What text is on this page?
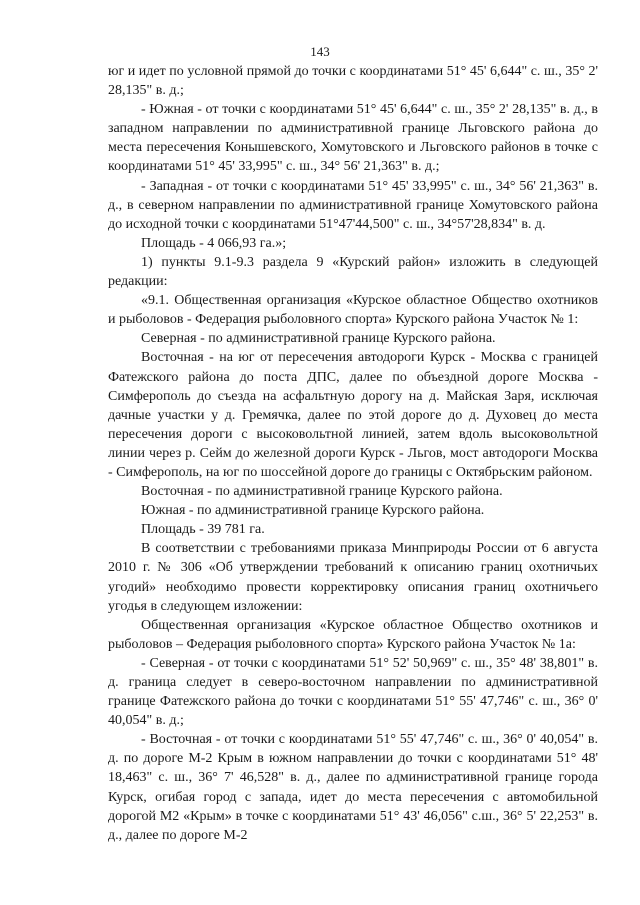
143

юг и идет по условной прямой до точки с координатами 51° 45' 6,644" с. ш., 35° 2' 28,135" в. д.;

- Южная - от точки с координатами 51° 45' 6,644" с. ш., 35° 2' 28,135" в. д., в западном направлении по административной границе Льговского района до места пересечения Конышевского, Хомутовского и Льговского районов в точке с координатами 51° 45' 33,995" с. ш., 34° 56' 21,363" в. д.;

- Западная - от точки с координатами 51° 45' 33,995" с. ш., 34° 56' 21,363" в. д., в северном направлении по административной границе Хомутовского района до исходной точки с координатами 51°47'44,500" с. ш., 34°57'28,834" в. д.

Площадь - 4 066,93 га.»;

1) пункты 9.1-9.3 раздела 9 «Курский район» изложить в следующей редакции:

«9.1. Общественная организация «Курское областное Общество охотников и рыболовов - Федерация рыболовного спорта» Курского района Участок № 1:

Северная - по административной границе Курского района.

Восточная - на юг от пересечения автодороги Курск - Москва с границей Фатежского района до поста ДПС, далее по объездной дороге Москва - Симферополь до съезда на асфальтную дорогу на д. Майская Заря, исключая дачные участки у д. Гремячка, далее по этой дороге до д. Духовец до места пересечения дороги с высоковольтной линией, затем вдоль высоковольтной линии через р. Сейм до железной дороги Курск - Льгов, мост автодороги Москва - Симферополь, на юг по шоссейной дороге до границы с Октябрьским районом.

Восточная - по административной границе Курского района.

Южная - по административной границе Курского района.

Площадь - 39 781 га.

В соответствии с требованиями приказа Минприроды России от 6 августа 2010 г. № 306 «Об утверждении требований к описанию границ охотничьих угодий» необходимо провести корректировку описания границ охотничьего угодья в следующем изложении:

Общественная организация «Курское областное Общество охотников и рыболовов – Федерация рыболовного спорта» Курского района Участок № 1а:

- Северная - от точки с координатами 51° 52' 50,969" с. ш., 35° 48' 38,801" в. д. граница следует в северо-восточном направлении по административной границе Фатежского района до точки с координатами 51° 55' 47,746" с. ш., 36° 0' 40,054" в. д.;

- Восточная - от точки с координатами 51° 55' 47,746" с. ш., 36° 0' 40,054" в. д. по дороге М-2 Крым в южном направлении до точки с координатами 51° 48' 18,463" с. ш., 36° 7' 46,528" в. д., далее по административной границе города Курск, огибая город с запада, идет до места пересечения с автомобильной дорогой М2 «Крым» в точке с координатами 51° 43' 46,056" с.ш., 36° 5' 22,253" в. д., далее по дороге М-2
